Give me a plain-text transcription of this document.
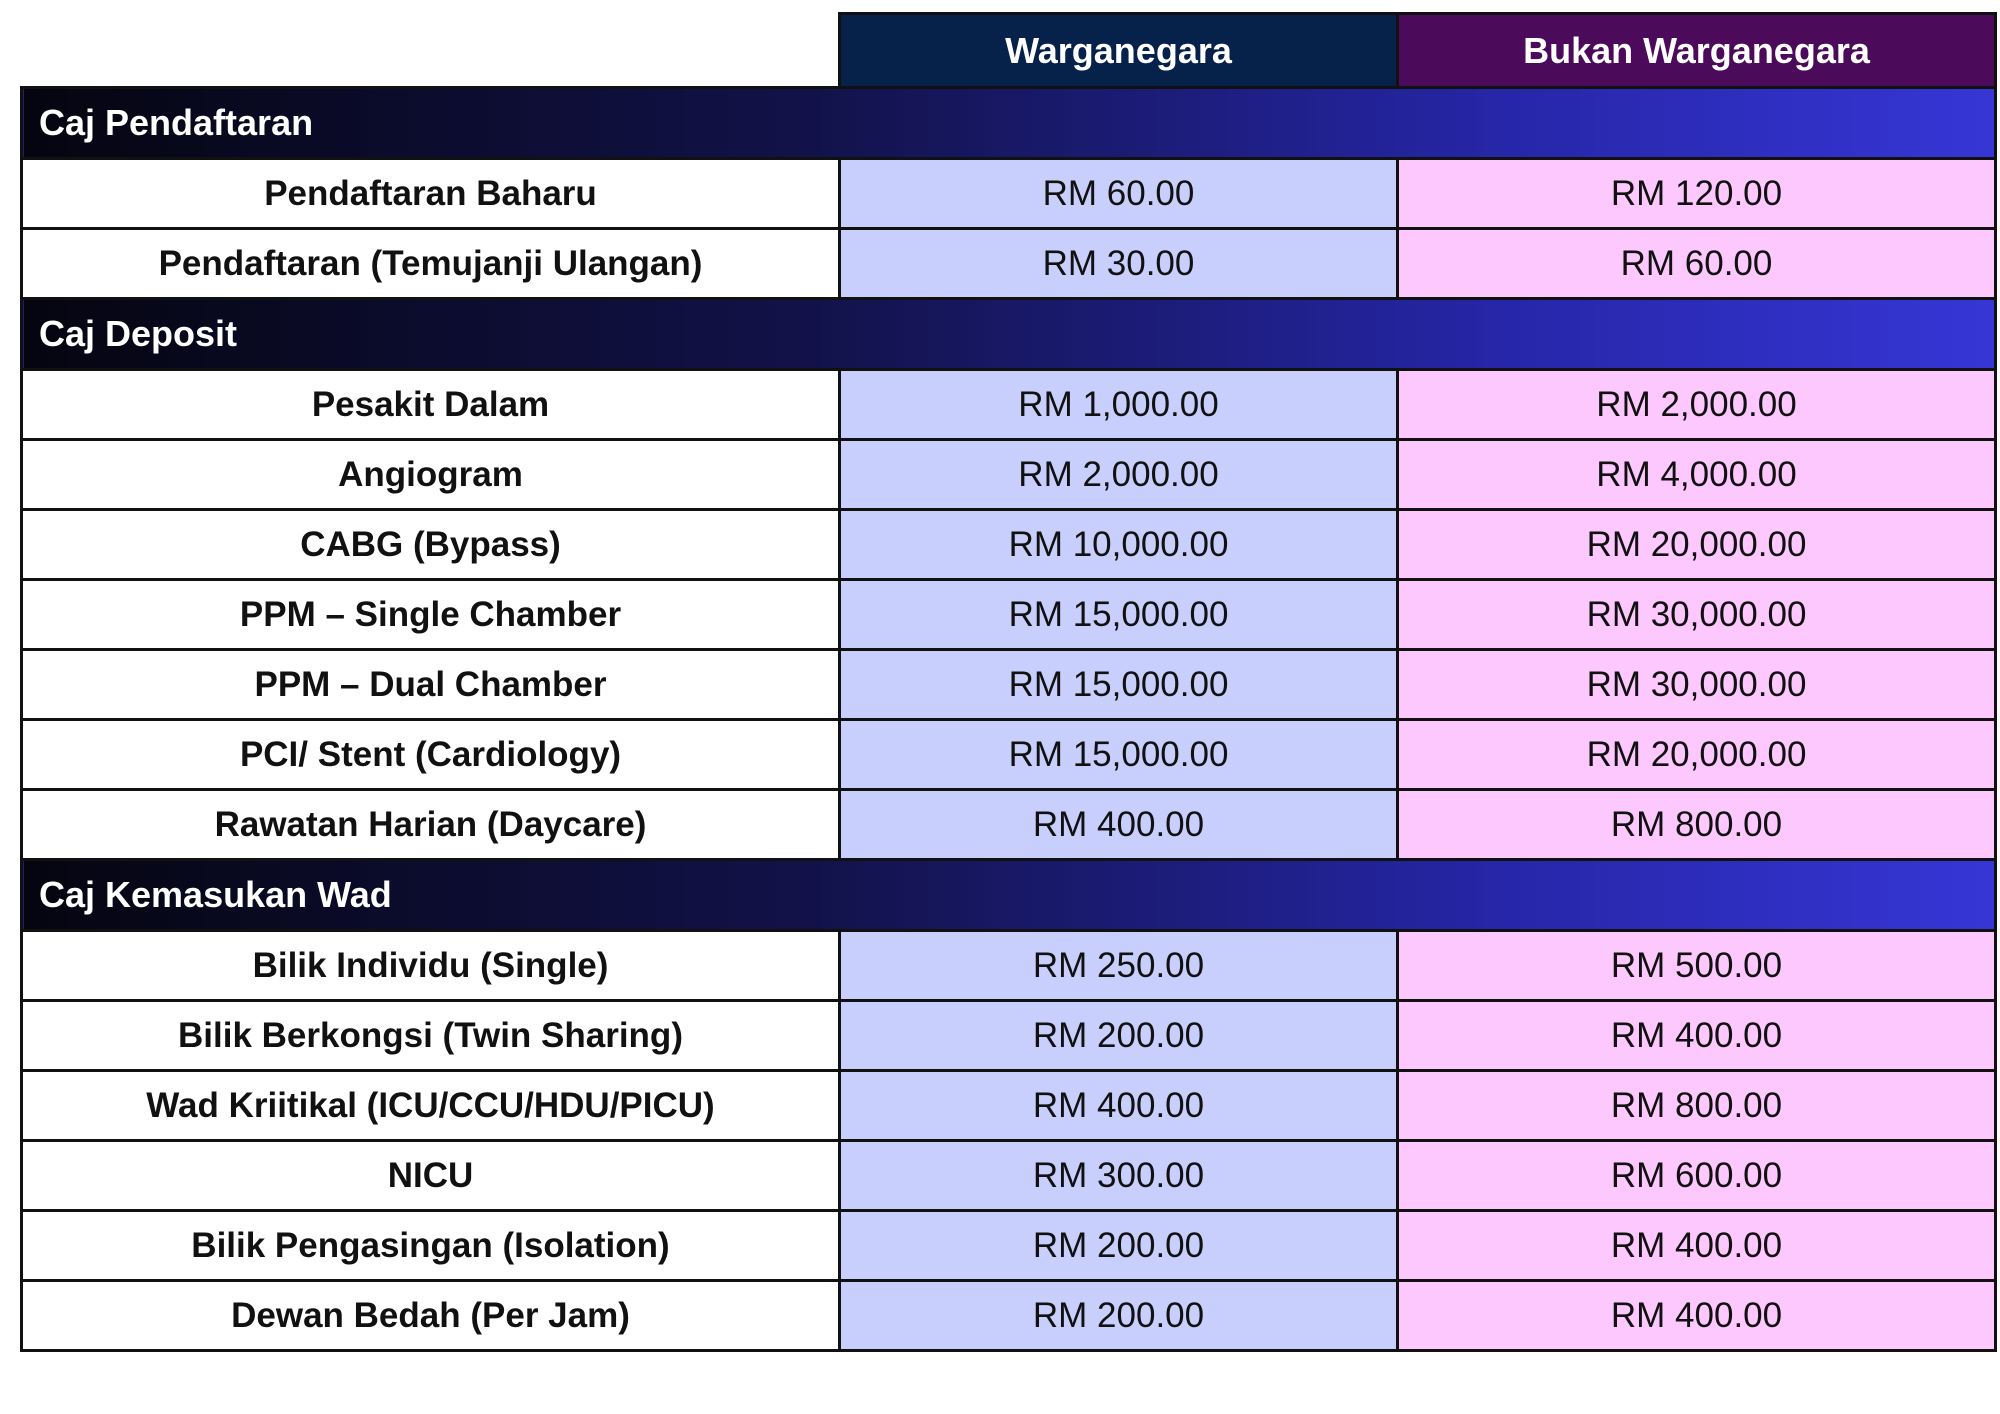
	Warganegara	Bukan Warganegara
Caj Pendaftaran		
Pendaftaran Baharu	RM 60.00	RM 120.00
Pendaftaran (Temujanji Ulangan)	RM 30.00	RM 60.00
Caj Deposit		
Pesakit Dalam	RM 1,000.00	RM 2,000.00
Angiogram	RM 2,000.00	RM 4,000.00
CABG (Bypass)	RM 10,000.00	RM 20,000.00
PPM – Single Chamber	RM 15,000.00	RM 30,000.00
PPM – Dual Chamber	RM 15,000.00	RM 30,000.00
PCI/ Stent (Cardiology)	RM 15,000.00	RM 20,000.00
Rawatan Harian (Daycare)	RM 400.00	RM 800.00
Caj Kemasukan Wad		
Bilik Individu (Single)	RM 250.00	RM 500.00
Bilik Berkongsi (Twin Sharing)	RM 200.00	RM 400.00
Wad Kriitikal (ICU/CCU/HDU/PICU)	RM 400.00	RM 800.00
NICU	RM 300.00	RM 600.00
Bilik Pengasingan (Isolation)	RM 200.00	RM 400.00
Dewan Bedah (Per Jam)	RM 200.00	RM 400.00
